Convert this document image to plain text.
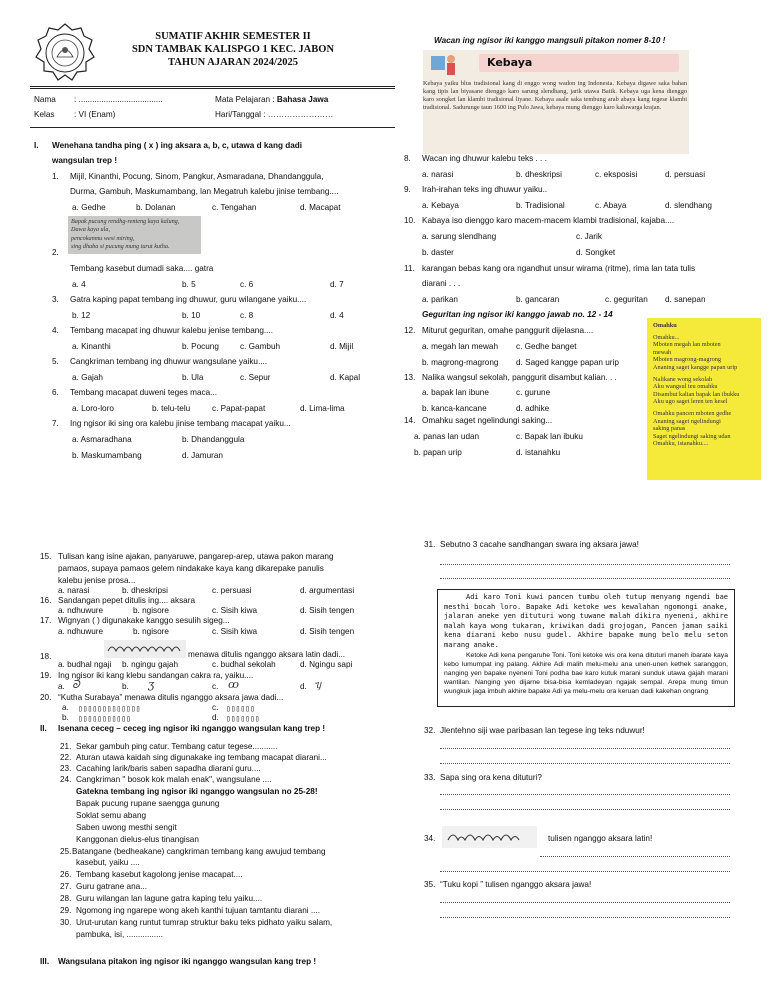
SUMATIF AKHIR SEMESTER II
SDN TAMBAK KALISPGO 1 KEC. JABON
TAHUN AJARAN 2024/2025
Nama : .....................................
Kelas : VI (Enam)
Mata Pelajaran : Bahasa Jawa
Hari/Tanggal : ……………………
I. Wenehana tandha ping ( x ) ing aksara a, b, c, utawa d kang dadi
wangsulan trep !
1. Mijil, Kinanthi, Pocung, Sinom, Pangkur, Asmaradana, Dhandanggula,
Durma, Gambuh, Maskumambang, lan Megatruh kalebu jinise tembang....
a. Gedhe	b. Dolanan	c. Tengahan	d. Macapat
2.
Bapak pucung rendhg-renteng kaya kalung,
Dawa kaya ula,
pencokanmu wesi miring,
sing dhaba si pucung mung turut kutha.
Tembang kasebut dumadi saka.... gatra
a. 4	b. 5	c. 6	d. 7
3. Gatra kaping papat tembang ing dhuwur, guru wilangane yaiku....
b. 12	b. 10	c. 8	d. 4
4. Tembang macapat ing dhuwur kalebu jenise tembang....
a. Kinanthi	b. Pocung	c. Gambuh	d. Mijil
5. Cangkriman tembang ing dhuwur wangsulane yaiku....
a. Gajah	b. Ula	c. Sepur	d. Kapal
6. Tembang macapat duweni teges maca...
a. Loro-loro	b. telu-telu	c. Papat-papat	d. Lima-lima
7. Ing ngisor iki sing ora kalebu jinise tembang macapat yaiku...
a. Asmaradhana	b. Dhandanggula
b. Maskumambang	d. Jamuran
Wacan ing ngisor iki kanggo mangsuli pitakon nomer 8-10 !
Kebaya
Kebaya yaiku blus tradisional kang di enggo wong wadon ing Indonesia. Kebaya digawe saka bahan kang tipis lan biyasane dienggo karo sarung slendhang, jarik utawa Batik. Kebaya uga kena dienggo karo songket lan klambi tradisional liyane. Kebaya asale saka tembung arab abaya kang tegese klambi tradisional. Sadurunge taun 1600 ing Pulo Jawa, kebaya mung dienggo karo kaluwarga krajan.
8. Wacan ing dhuwur kalebu teks . . .
a. narasi	b. dheskripsi	c. eksposisi	d. persuasi
9. Irah-irahan teks ing dhuwur yaiku..
a. Kebaya	b. Tradisional	c. Abaya	d. slendhang
10. Kabaya iso dienggo karo macem-macem klambi tradisional, kajaba....
a. sarung slendhang	c. Jarik
b. daster	d. Songket
11. karangan bebas kang ora ngandhut unsur wirama (ritme), rima lan tata tulis
diarani . . .
a. parikan	b. gancaran	c. geguritan d. sanepan
Geguritan ing ngisor iki kanggo jawab no. 12 - 14
12. Miturut geguritan, omahe panggurit dijelasna....
a. megah lan mewah c. Gedhe banget
b. magrong-magrong d. Saged kangge papan urip
13. Nalika wangsul sekolah, panggurit disambut kalian. . .
a. bapak lan ibune	c. gurune
b. kanca-kancane	d. adhike
14. Omahku saget ngelindungi saking...
a. panas lan udan	c. Bapak lan ibuku
b. papan urip	d. istanahku
Omahku
Omahku...
Mboten megah lan mboten
mewah
Mboten magrong-magrong
Ananing saget kangge papan urip
Nalikane wong sekolah
Aku wangsul teu omahku
Disambut kalian bapak lan ibukku
Aku ugo saget leren ten kesel
Omahku pancen mboten gedhe
Ananing saget ngelindungi
saking panas
Saget ngelindungi saking udan
Omahku, istanahku....
15. Tulisan kang isine ajakan, panyaruwe, pangarep-arep, utawa pakon marang
pamaos, supaya pamaos gelem nindakake kaya kang dikarepake panulis
kalebu jenise prosa...
a. narasi	b. dheskripsi	c. persuasi	d. argumentasi
16. Sandangan pepet ditulis ing.... aksara
a. ndhuwure	b. ngisore	c. Sisih kiwa	d. Sisih tengen
17. Wignyan ( ) digunakake kanggo sesulih sigeg...
a. ndhuwure	b. ngisore	c. Sisih kiwa	d. Sisih tengen
18.	menawa ditulis nganggo aksara latin dadi...
a. budhal ngaji b. ngingu gajah	c. budhal sekolah	d. Ngingu sapi
19. Ing ngisor iki kang klebu sandangan cakra ra, yaiku....
a. ᘐ	b. ʒ	c. ꝏ	d. ᥡ
20. “Kutha Surabaya” menawa ditulis nganggo aksara jawa dadi...
a. ▯▯▯▯▯▯▯▯▯▯▯▯▯	c. ▯▯▯▯▯▯
b. ▯▯▯▯▯▯▯▯▯▯▯	d. ▯▯▯▯▯▯▯
II. Isenana ceceg – ceceg ing ngisor iki nganggo wangsulan kang trep !
21. Sekar gambuh ping catur. Tembang catur tegese...........
22. Aturan utawa kaidah sing digunakake ing tembang macapat diarani...
23. Cacahing larik/baris saben sapadha diarani guru....
24. Cangkriman " bosok kok malah enak", wangsulane ....
Gatekna tembang ing ngisor iki nganggo wangsulan no 25-28!
Bapak pucung rupane saengga gunung
Soklat semu abang
Saben uwong mesthi sengit
Kanggonan dielus-elus tinangisan
25. Batangane (bedheakane) cangkriman tembang kang awujud tembang
kasebut, yaiku ....
26. Tembang kasebut kagolong jenise macapat....
27. Guru gatrane ana...
28. Guru wilangan lan lagune gatra kaping telu yaiku....
29. Ngomong ing ngarepe wong akeh kanthi tujuan tamtantu diarani ....
30. Urut-urutan kang runtut tumrap struktur baku teks pidhato yaiku salam,
pambuka, isi, ................
III. Wangsulana pitakon ing ngisor iki nganggo wangsulan kang trep !
31. Sebutno 3 cacahe sandhangan swara ing aksara jawa!
Adi karo Toni kuwi pancen tumbu oleh tutup menyang ngendi bae mesthi bocah loro. Bapake Adi ketoke wes kewalahan ngomongi anake, jalaran aneke yen dituturi wong tuwane malah dikira nyeneni, akhire malah kaya wong tukaran, kriwikan dadi grojogan, Pancen jaman saiki kena diarani kebo nusu gudel. Akhire bapake mung belo melu seton marang anake.
Ketoke Adi kena pengaruhe Toni. Toni ketoke wis ora kena dituturi maneh ibarate kaya kebo lumumpat ing palang. Akhire Adi malih melu-melu ana unen-unen kethek saranggon, nanging yen bapake nyeneni Toni podha bae karo kutuk marani sunduk utawa gajah marani wantilan. Nanging yen dijarne bisa-bisa kemladeyan ngajak sempal. Arepa mung timun wungkuk jaga imbuh akhire bapake Adi ya melu-melu ora keruan dadi kakehan ongrang
32. Jlentehno siji wae paribasan lan tegese ing teks nduwur!
33. Sapa sing ora kena dituturi?
34.	tulisen nganggo aksara latin!
35. “Tuku kopi ” tulisen nganggo aksara jawa!
